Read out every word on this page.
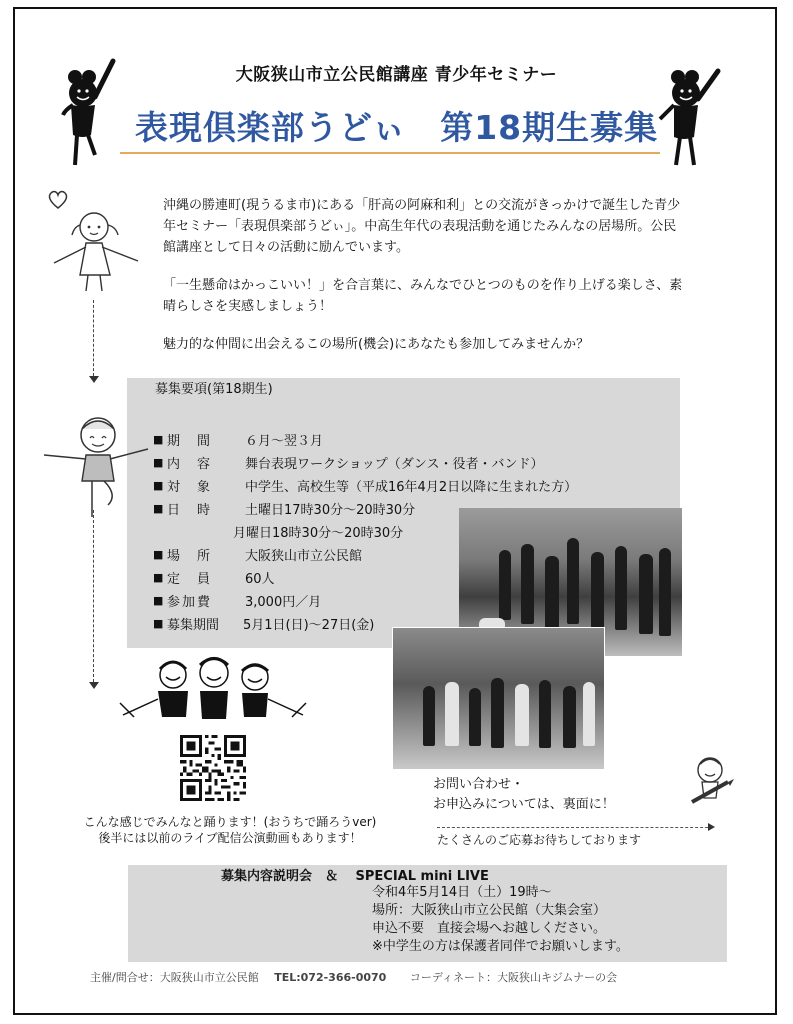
大阪狭山市立公民館講座 青少年セミナー
表現倶楽部うどぃ　第18期生募集

沖縄の勝連町(現うるま市)にある「肝高の阿麻和利」との交流がきっかけで誕生した青少年セミナー「表現倶楽部うどぃ」。中高生年代の表現活動を通じたみんなの居場所。公民館講座として日々の活動に励んでいます。

「一生懸命はかっこいい！」を合言葉に、みんなでひとつのものを作り上げる楽しさ、素晴らしさを実感しましょう！

魅力的な仲間に出会えるこの場所(機会)にあなたも参加してみませんか？

募集要項(第18期生)
■ 期　間	６月～翌３月
■ 内　容	舞台表現ワークショップ（ダンス・役者・バンド）
■ 対　象	中学生、高校生等（平成16年4月2日以降に生まれた方）
■ 日　時	土曜日17時30分～20時30分
月曜日18時30分～20時30分
■ 場　所	大阪狭山市立公民館
■ 定　員	60人
■ 参加費	3,000円／月
■ 募集期間	5月1日(日)～27日(金)
こんな感じでみんなと踊ります！(おうちで踊ろうver)
後半には以前のライブ配信公演動画もあります！
お問い合わせ・
お申込みについては、裏面に！
たくさんのご応募お待ちしております
募集内容説明会　＆　 SPECIAL mini LIVE
令和4年5月14日（土）19時～
場所：大阪狭山市立公民館（大集会室）
申込不要　直接会場へお越しください。
※中学生の方は保護者同伴でお願いします。
主催/問合せ：大阪狭山市立公民館 TEL:072-366-0070 コーディネート：大阪狭山キジムナーの会
